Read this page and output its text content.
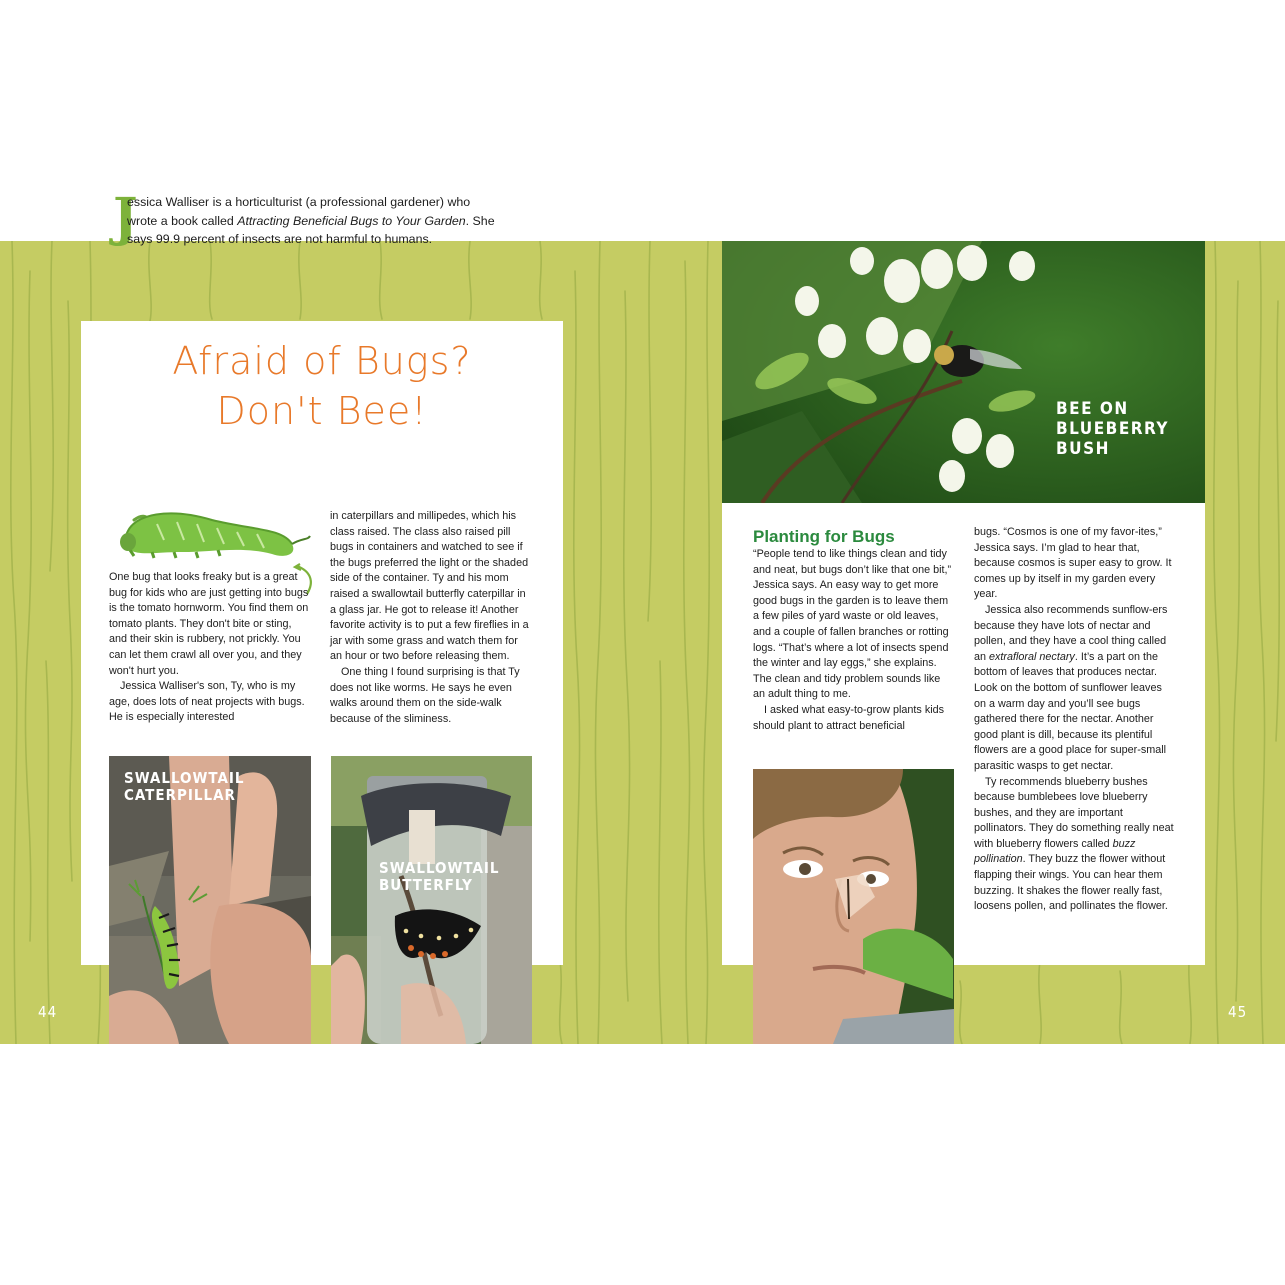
44	45
Afraid of Bugs?
Don't Bee!
J
essica Walliser is a horticulturist (a professional gardener) who
wrote a book called Attracting Beneficial Bugs to Your Garden. She
says 99.9 percent of insects are not harmful to humans.

One bug that looks freaky but is a great bug for kids who are just getting into bugs is the tomato hornworm. You find them on tomato plants. They don't bite or sting, and their skin is rubbery, not prickly. You can let them crawl all over you, and they won't hurt you.

Jessica Walliser's son, Ty, who is my age, does lots of neat projects with bugs. He is especially interested

in caterpillars and millipedes, which his class raised. The class also raised pill bugs in containers and watched to see if the bugs preferred the light or the shaded side of the container. Ty and his mom raised a swallowtail butterfly caterpillar in a glass jar. He got to release it! Another favorite activity is to put a few fireflies in a jar with some grass and watch them for an hour or two before releasing them.

One thing I found surprising is that Ty does not like worms. He says he even walks around them on the side-walk because of the sliminess.

SWALLOWTAIL
CATERPILLAR
SWALLOWTAIL
BUTTERFLY
BEE ON
BLUEBERRY
BUSH
Planting for Bugs

“People tend to like things clean and tidy and neat, but bugs don’t like that one bit,” Jessica says. An easy way to get more good bugs in the garden is to leave them a few piles of yard waste or old leaves, and a couple of fallen branches or rotting logs. “That’s where a lot of insects spend the winter and lay eggs,” she explains. The clean and tidy problem sounds like an adult thing to me.

I asked what easy-to-grow plants kids should plant to attract beneficial

bugs. “Cosmos is one of my favor-ites,” Jessica says. I’m glad to hear that, because cosmos is super easy to grow. It comes up by itself in my garden every year.

Jessica also recommends sunflow-ers because they have lots of nectar and pollen, and they have a cool thing called an extrafloral nectary. It’s a part on the bottom of leaves that produces nectar. Look on the bottom of sunflower leaves on a warm day and you’ll see bugs gathered there for the nectar. Another good plant is dill, because its plentiful flowers are a good place for super-small parasitic wasps to get nectar.

Ty recommends blueberry bushes because bumblebees love blueberry bushes, and they are important pollinators. They do something really neat with blueberry flowers called buzz pollination. They buzz the flower without flapping their wings. You can hear them buzzing. It shakes the flower really fast, loosens pollen, and pollinates the flower.
